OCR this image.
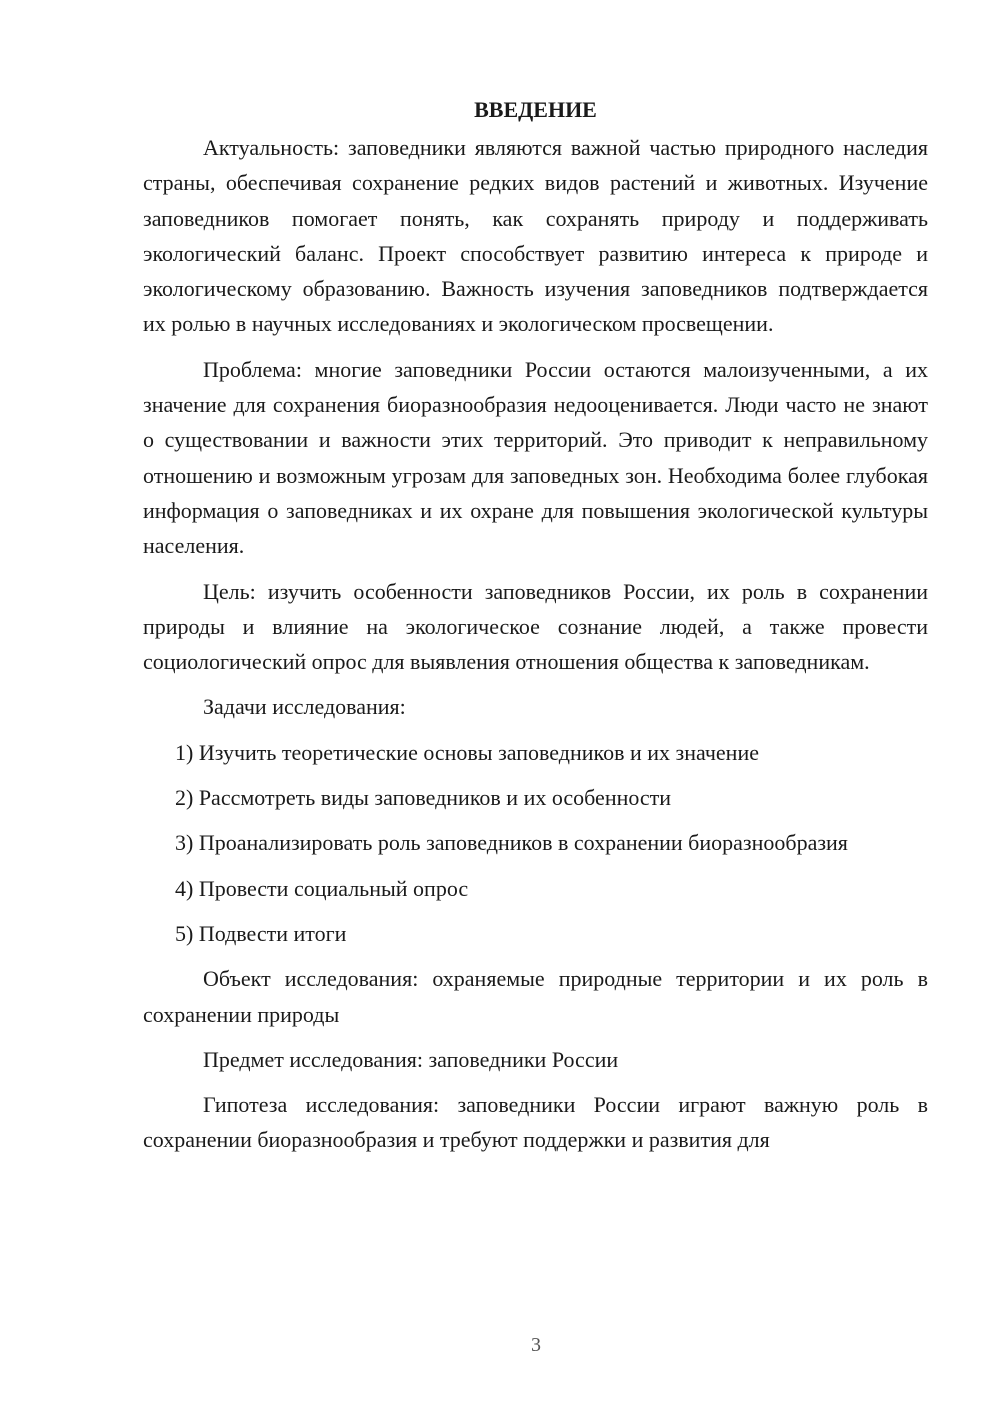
ВВЕДЕНИЕ

Актуальность: заповедники являются важной частью природного наследия страны, обеспечивая сохранение редких видов растений и животных. Изучение заповедников помогает понять, как сохранять природу и поддерживать экологический баланс. Проект способствует развитию интереса к природе и экологическому образованию. Важность изучения заповедников подтверждается их ролью в научных исследованиях и экологическом просвещении.

Проблема: многие заповедники России остаются малоизученными, а их значение для сохранения биоразнообразия недооценивается. Люди часто не знают о существовании и важности этих территорий. Это приводит к неправильному отношению и возможным угрозам для заповедных зон. Необходима более глубокая информация о заповедниках и их охране для повышения экологической культуры населения.

Цель: изучить особенности заповедников России, их роль в сохранении природы и влияние на экологическое сознание людей, а также провести социологический опрос для выявления отношения общества к заповедникам.

Задачи исследования:

1) Изучить теоретические основы заповедников и их значение

2) Рассмотреть виды заповедников и их особенности

3) Проанализировать роль заповедников в сохранении биоразнообразия

4) Провести социальный опрос

5) Подвести итоги

Объект исследования: охраняемые природные территории и их роль в сохранении природы

Предмет исследования: заповедники России

Гипотеза исследования: заповедники России играют важную роль в сохранении биоразнообразия и требуют поддержки и развития для

3
